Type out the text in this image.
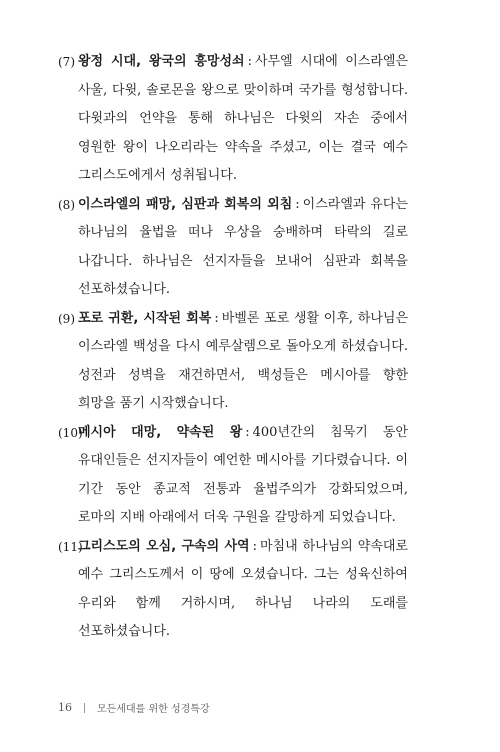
(7) 왕정 시대, 왕국의 흥망성쇠 : 사무엘 시대에 이스라엘은 사울, 다윗, 솔로몬을 왕으로 맞이하며 국가를 형성합니다. 다윗과의 언약을 통해 하나님은 다윗의 자손 중에서 영원한 왕이 나오리라는 약속을 주셨고, 이는 결국 예수 그리스도에게서 성취됩니다.

(8) 이스라엘의 패망, 심판과 회복의 외침 : 이스라엘과 유다는 하나님의 율법을 떠나 우상을 숭배하며 타락의 길로 나갑니다. 하나님은 선지자들을 보내어 심판과 회복을 선포하셨습니다.

(9) 포로 귀환, 시작된 회복 : 바벨론 포로 생활 이후, 하나님은 이스라엘 백성을 다시 예루살렘으로 돌아오게 하셨습니다. 성전과 성벽을 재건하면서, 백성들은 메시아를 향한 희망을 품기 시작했습니다.

(10)
메시아 대망, 약속된 왕 : 400년간의 침묵기 동안 유대인들은 선지자들이 예언한 메시아를 기다렸습니다. 이 기간 동안 종교적 전통과 율법주의가 강화되었으며, 로마의 지배 아래에서 더욱 구원을 갈망하게 되었습니다.

(11)
그리스도의 오심, 구속의 사역 : 마침내 하나님의 약속대로 예수 그리스도께서 이 땅에 오셨습니다. 그는 성육신하여 우리와 함께 거하시며, 하나님 나라의 도래를 선포하셨습니다.

16	모든세대를 위한 성경특강
